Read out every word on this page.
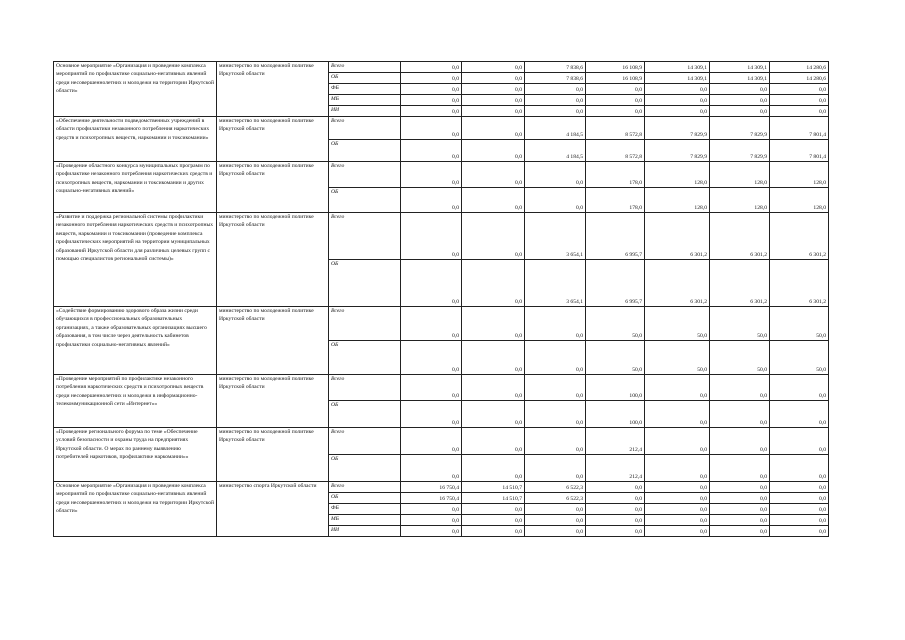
Основное мероприятие «Организация и проведение комплекса мероприятий по профилактике социально-негативных явлений среди несовершеннолетних и молодежи на территории Иркутской области»	министерство по молодежной политике Иркутской области	Всего	0,0	0,0	7 838,6	16 108,9	14 309,1	14 309,1	14 280,6
		ОБ	0,0	0,0	7 838,6	16 108,9	14 309,1	14 309,1	14 280,6
		ФБ	0,0	0,0	0,0	0,0	0,0	0,0	0,0
		МБ	0,0	0,0	0,0	0,0	0,0	0,0	0,0
		ИИ	0,0	0,0	0,0	0,0	0,0	0,0	0,0
«Обеспечение деятельности подведомственных учреждений в области профилактики незаконного потребления наркотических средств и психотропных веществ, наркомании и токсикомании»	министерство по молодежной политике Иркутской области	Всего	0,0	0,0	4 184,5	8 572,8	7 829,9	7 829,9	7 801,4
		ОБ	0,0	0,0	4 184,5	8 572,8	7 829,9	7 829,9	7 801,4
«Проведение областного конкурса муниципальных программ по профилактике незаконного потребления наркотических средств и психотропных веществ, наркомании и токсикомании и других социально-негативных явлений»	министерство по молодежной политике Иркутской области	Всего	0,0	0,0	0,0	178,0	128,0	128,0	128,0
		ОБ	0,0	0,0	0,0	178,0	128,0	128,0	128,0
«Развитие и поддержка региональной системы профилактики незаконного потребления наркотических средств и психотропных веществ, наркомании и токсикомании (проведение комплекса профилактических мероприятий на территории муниципальных образований Иркутской области для различных целевых групп с помощью специалистов региональной системы)»	министерство по молодежной политике Иркутской области	Всего	0,0	0,0	3 654,1	6 995,7	6 301,2	6 301,2	6 301,2
		ОБ	0,0	0,0	3 654,1	6 995,7	6 301,2	6 301,2	6 301,2
«Содействие формированию здорового образа жизни среди обучающихся в профессиональных образовательных организациях, а также образовательных организациях высшего образования, в том числе через деятельность кабинетов профилактики социально-негативных явлений»	министерство по молодежной политике Иркутской области	Всего	0,0	0,0	0,0	50,0	50,0	50,0	50,0
		ОБ	0,0	0,0	0,0	50,0	50,0	50,0	50,0
«Проведение мероприятий по профилактике незаконного потребления наркотических средств и психотропных веществ среди несовершеннолетних и молодежи в информационно-телекоммуникационной сети «Интернет»»	министерство по молодежной политике Иркутской области	Всего	0,0	0,0	0,0	100,0	0,0	0,0	0,0
		ОБ	0,0	0,0	0,0	100,0	0,0	0,0	0,0
«Проведение регионального форума по теме «Обеспечение условий безопасности и охраны труда на предприятиях Иркутской области. О мерах по раннему выявлению потребителей наркотиков, профилактике наркомании»»	министерство по молодежной политике Иркутской области	Всего	0,0	0,0	0,0	212,4	0,0	0,0	0,0
		ОБ	0,0	0,0	0,0	212,4	0,0	0,0	0,0
Основное мероприятие «Организация и проведение комплекса мероприятий по профилактике социально-негативных явлений среди несовершеннолетних и молодежи на территории Иркутской области»	министерство спорта Иркутской области	Всего	16 750,4	14 510,7	6 522,3	0,0	0,0	0,0	0,0
		ОБ	16 750,4	14 510,7	6 522,3	0,0	0,0	0,0	0,0
		ФБ	0,0	0,0	0,0	0,0	0,0	0,0	0,0
		МБ	0,0	0,0	0,0	0,0	0,0	0,0	0,0
		ИИ	0,0	0,0	0,0	0,0	0,0	0,0	0,0
